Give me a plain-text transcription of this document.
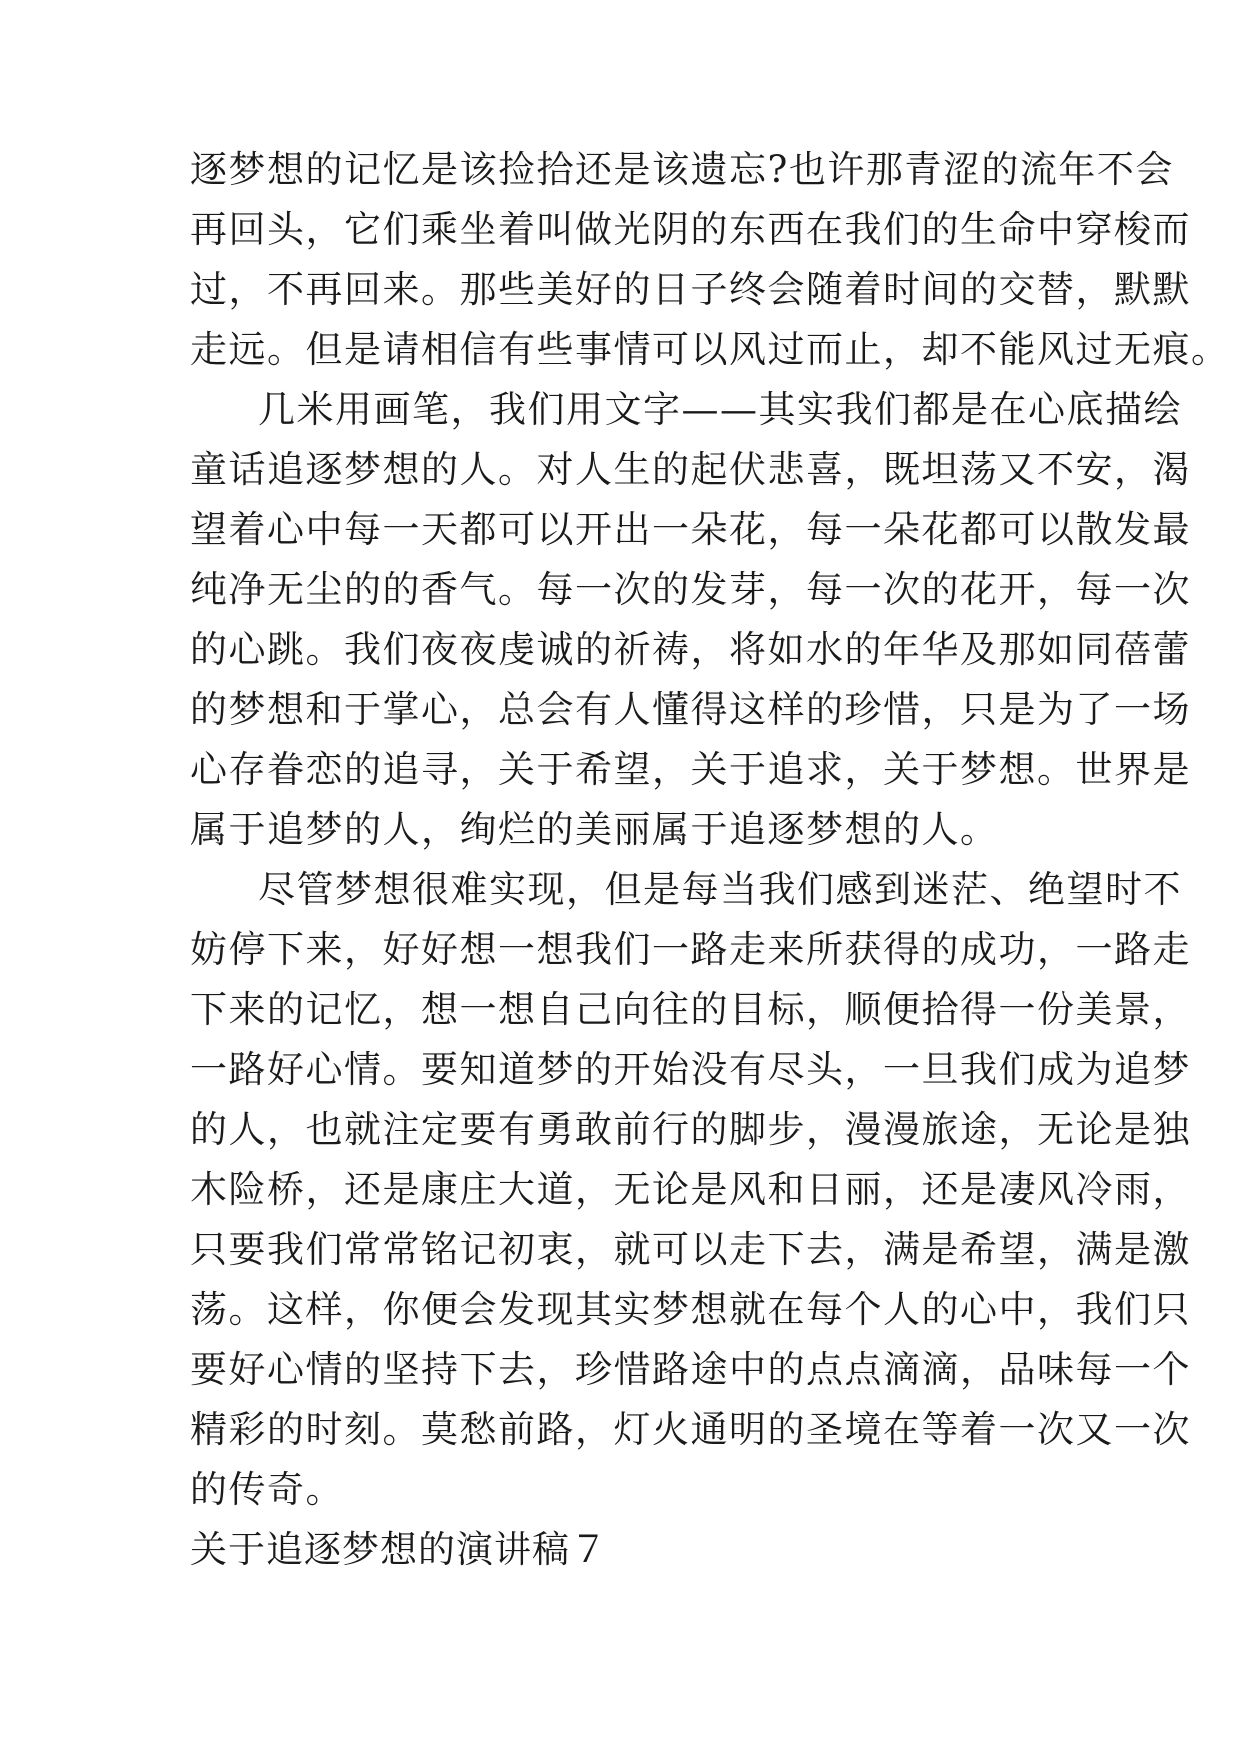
逐梦想的记忆是该捡拾还是该遗忘?也许那青涩的流年不会
再回头，它们乘坐着叫做光阴的东西在我们的生命中穿梭而
过，不再回来。那些美好的日子终会随着时间的交替，默默
走远。但是请相信有些事情可以风过而止，却不能风过无痕。
几米用画笔，我们用文字——其实我们都是在心底描绘
童话追逐梦想的人。对人生的起伏悲喜，既坦荡又不安，渴
望着心中每一天都可以开出一朵花，每一朵花都可以散发最
纯净无尘的的香气。每一次的发芽，每一次的花开，每一次
的心跳。我们夜夜虔诚的祈祷，将如水的年华及那如同蓓蕾
的梦想和于掌心，总会有人懂得这样的珍惜，只是为了一场
心存眷恋的追寻，关于希望，关于追求，关于梦想。世界是
属于追梦的人，绚烂的美丽属于追逐梦想的人。
尽管梦想很难实现，但是每当我们感到迷茫、绝望时不
妨停下来，好好想一想我们一路走来所获得的成功，一路走
下来的记忆，想一想自己向往的目标，顺便拾得一份美景，
一路好心情。要知道梦的开始没有尽头，一旦我们成为追梦
的人，也就注定要有勇敢前行的脚步，漫漫旅途，无论是独
木险桥，还是康庄大道，无论是风和日丽，还是凄风冷雨，
只要我们常常铭记初衷，就可以走下去，满是希望，满是激
荡。这样，你便会发现其实梦想就在每个人的心中，我们只
要好心情的坚持下去，珍惜路途中的点点滴滴，品味每一个
精彩的时刻。莫愁前路，灯火通明的圣境在等着一次又一次
的传奇。
关于追逐梦想的演讲稿７
